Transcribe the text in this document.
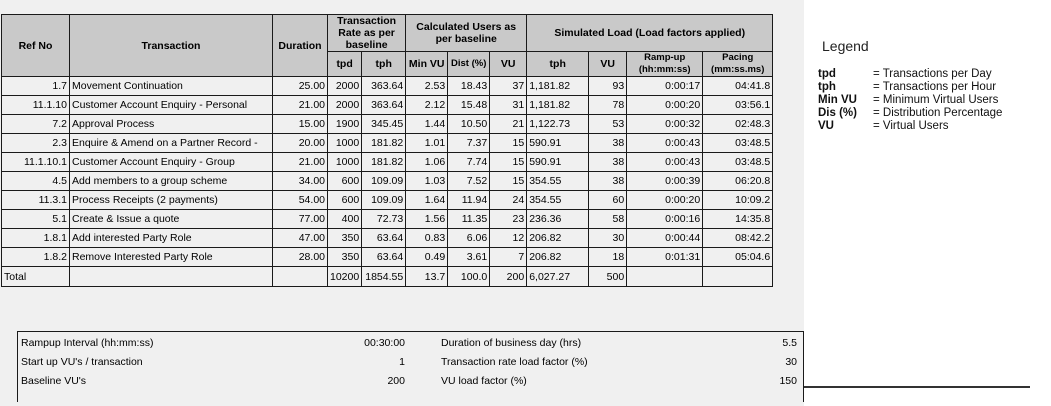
Ref No	Transaction	Duration	Transaction Rate as per baseline		Calculated Users as per baseline			Simulated Load (Load factors applied)			
			tpd	tph	Min VU	Dist (%)	VU	tph	VU	Ramp-up (hh:mm:ss)	Pacing (mm:ss.ms)
1.7	Movement Continuation	25.00	2000	363.64	2.53	18.43	37	1,181.82	93	0:00:17	04:41.8
11.1.10	Customer Account Enquiry - Personal	21.00	2000	363.64	2.12	15.48	31	1,181.82	78	0:00:20	03:56.1
7.2	Approval Process	15.00	1900	345.45	1.44	10.50	21	1,122.73	53	0:00:32	02:48.3
2.3	Enquire & Amend on a Partner Record -	20.00	1000	181.82	1.01	7.37	15	590.91	38	0:00:43	03:48.5
11.1.10.1	Customer Account Enquiry - Group	21.00	1000	181.82	1.06	7.74	15	590.91	38	0:00:43	03:48.5
4.5	Add members to a group scheme	34.00	600	109.09	1.03	7.52	15	354.55	38	0:00:39	06:20.8
11.3.1	Process Receipts (2 payments)	54.00	600	109.09	1.64	11.94	24	354.55	60	0:00:20	10:09.2
5.1	Create & Issue a quote	77.00	400	72.73	1.56	11.35	23	236.36	58	0:00:16	14:35.8
1.8.1	Add interested Party Role	47.00	350	63.64	0.83	6.06	12	206.82	30	0:00:44	08:42.2
1.8.2	Remove Interested Party Role	28.00	350	63.64	0.49	3.61	7	206.82	18	0:01:31	05:04.6
Total			10200	1854.55	13.7	100.0	200	6,027.27	500		
Rampup Interval (hh:mm:ss)	00:30:00		Duration of business day (hrs)	5.5
Start up VU's / transaction	1		Transaction rate load factor (%)	30
Baseline VU's	200		VU load factor (%)	150
Legend
tpd	= Transactions per Day
tph	= Transactions per Hour
Min VU	= Minimum Virtual Users
Dis (%)	= Distribution Percentage
VU	= Virtual Users
